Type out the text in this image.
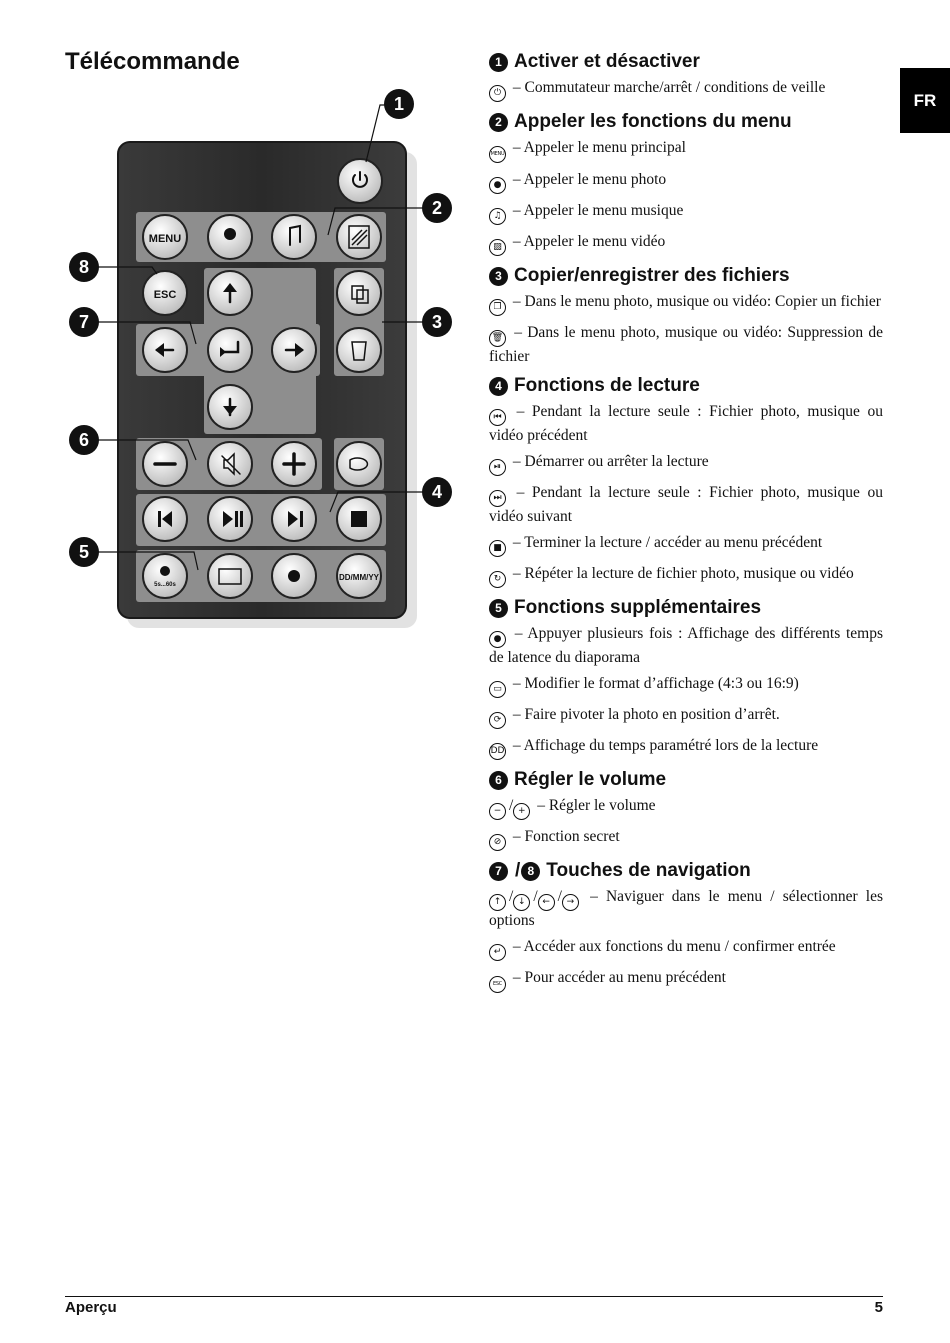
Télécommande
FR
MENU
ESC
5s...60s
DD/MM/YY
1
2
3
4
5
6
7
8
1 Activer et désactiver

⏻ – Commutateur marche/arrêt / conditions de veille

2 Appeler les fonctions du menu

MENU – Appeler le menu principal

● – Appeler le menu photo

♫ – Appeler le menu musique

▨ – Appeler le menu vidéo

3 Copier/enregistrer des fichiers

❐ – Dans le menu photo, musique ou vidéo: Copier un fichier

🗑 – Dans le menu photo, musique ou vidéo: Suppression de fichier

4 Fonctions de lecture

⏮ – Pendant la lecture seule : Fichier photo, musique ou vidéo précédent

⏯ – Démarrer ou arrêter la lecture

⏭ – Pendant la lecture seule : Fichier photo, musique ou vidéo suivant

■ – Terminer la lecture / accéder au menu précédent

↻ – Répéter la lecture de fichier photo, musique ou vidéo

5 Fonctions supplémentaires

● – Appuyer plusieurs fois : Affichage des différents temps de latence du diaporama

▭ – Modifier le format d’affichage (4:3 ou 16:9)

⟳ – Faire pivoter la photo en position d’arrêt.

DD – Affichage du temps paramétré lors de la lecture

6 Régler le volume

− / + – Régler le volume

⊘ – Fonction secret

7 / 8 Touches de navigation

↑ / ↓ / ← / → – Naviguer dans le menu / sélectionner les options

↵ – Accéder aux fonctions du menu / confirmer entrée

ESC – Pour accéder au menu précédent

Aperçu	5
